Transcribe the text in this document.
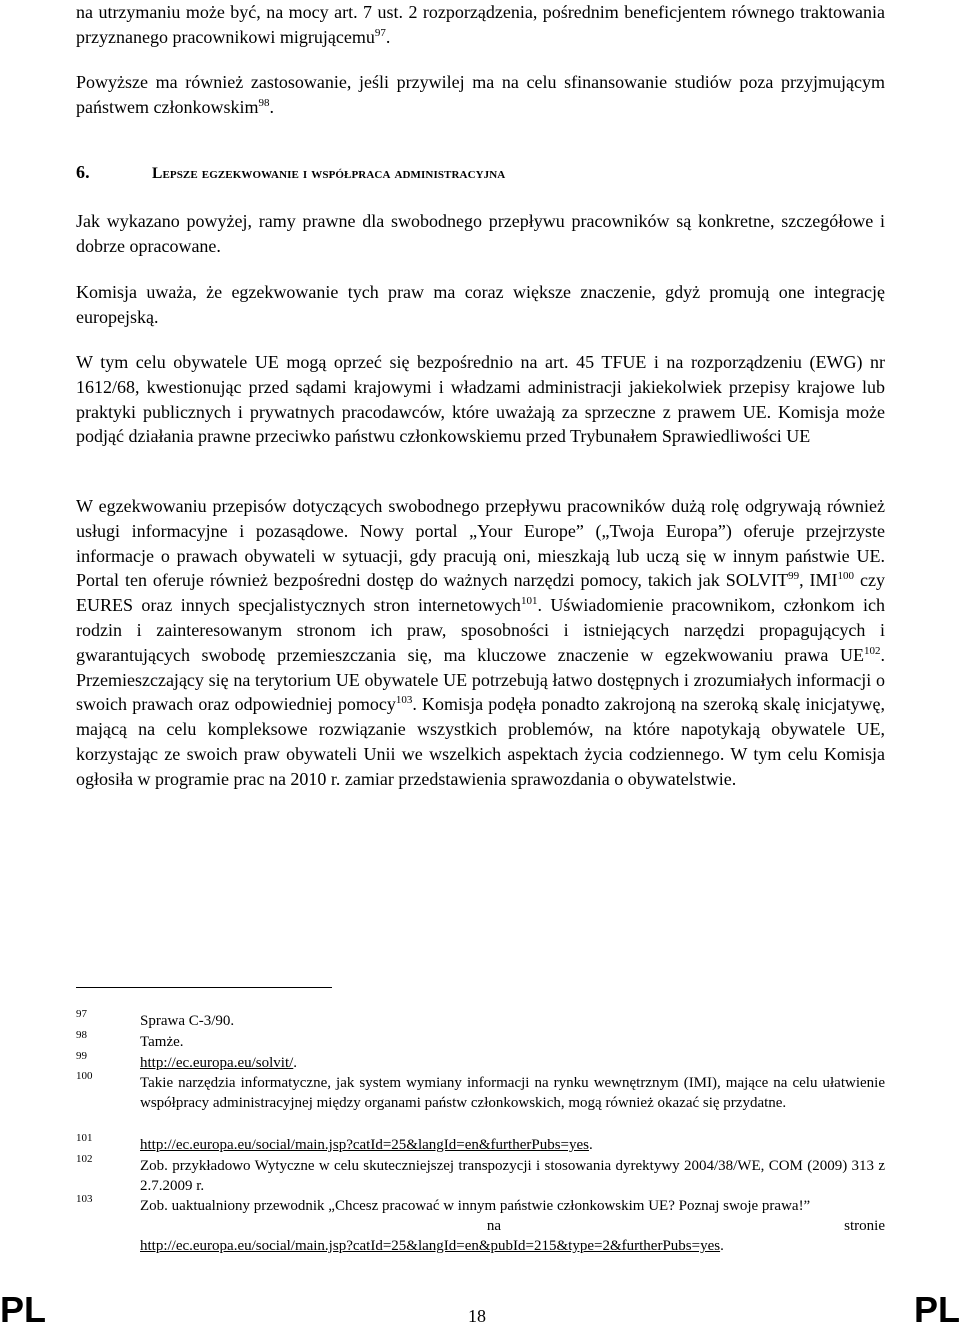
na utrzymaniu może być, na mocy art. 7 ust. 2 rozporządzenia, pośrednim beneficjentem równego traktowania przyznanego pracownikowi migrującemu$^{97}$.

Powyższe ma również zastosowanie, jeśli przywilej ma na celu sfinansowanie studiów poza przyjmującym państwem członkowskim$^{98}$.

6.	Lepsze egzekwowanie i współpraca administracyjna

Jak wykazano powyżej, ramy prawne dla swobodnego przepływu pracowników są konkretne, szczegółowe i dobrze opracowane.

Komisja uważa, że egzekwowanie tych praw ma coraz większe znaczenie, gdyż promują one integrację europejską.

W tym celu obywatele UE mogą oprzeć się bezpośrednio na art. 45 TFUE i na rozporządzeniu (EWG) nr 1612/68, kwestionując przed sądami krajowymi i władzami administracji jakiekolwiek przepisy krajowe lub praktyki publicznych i prywatnych pracodawców, które uważają za sprzeczne z prawem UE. Komisja może podjąć działania prawne przeciwko państwu członkowskiemu przed Trybunałem Sprawiedliwości UE

W egzekwowaniu przepisów dotyczących swobodnego przepływu pracowników dużą rolę odgrywają również usługi informacyjne i pozasądowe. Nowy portal „Your Europe” („Twoja Europa”) oferuje przejrzyste informacje o prawach obywateli w sytuacji, gdy pracują oni, mieszkają lub uczą się w innym państwie UE. Portal ten oferuje również bezpośredni dostęp do ważnych narzędzi pomocy, takich jak SOLVIT$^{99}$, IMI$^{100}$ czy EURES oraz innych specjalistycznych stron internetowych$^{101}$. Uświadomienie pracownikom, członkom ich rodzin i zainteresowanym stronom ich praw, sposobności i istniejących narzędzi propagujących i gwarantujących swobodę przemieszczania się, ma kluczowe znaczenie w egzekwowaniu prawa UE$^{102}$. Przemieszczający się na terytorium UE obywatele UE potrzebują łatwo dostępnych i zrozumiałych informacji o swoich prawach oraz odpowiedniej pomocy$^{103}$. Komisja podęła ponadto zakrojoną na szeroką skalę inicjatywę, mającą na celu kompleksowe rozwiązanie wszystkich problemów, na które napotykają obywatele UE, korzystając ze swoich praw obywateli Unii we wszelkich aspektach życia codziennego. W tym celu Komisja ogłosiła w programie prac na 2010 r. zamiar przedstawienia sprawozdania o obywatelstwie.

97	Sprawa C-3/90.
98	Tamże.
99	http://ec.europa.eu/solvit/.
100	Takie narzędzia informatyczne, jak system wymiany informacji na rynku wewnętrznym (IMI), mające na celu ułatwienie współpracy administracyjnej między organami państw członkowskich, mogą również okazać się przydatne.
101	http://ec.europa.eu/social/main.jsp?catId=25&langId=en&furtherPubs=yes.
102	Zob. przykładowo Wytyczne w celu skuteczniejszej transpozycji i stosowania dyrektywy 2004/38/WE, COM (2009) 313 z 2.7.2009 r.
103	Zob. uaktualniony przewodnik „Chcesz pracować w innym państwie członkowskim UE? Poznaj swoje prawa!”
na	stronie
http://ec.europa.eu/social/main.jsp?catId=25&langId=en&pubId=215&type=2&furtherPubs=yes.
PL	18	PL
